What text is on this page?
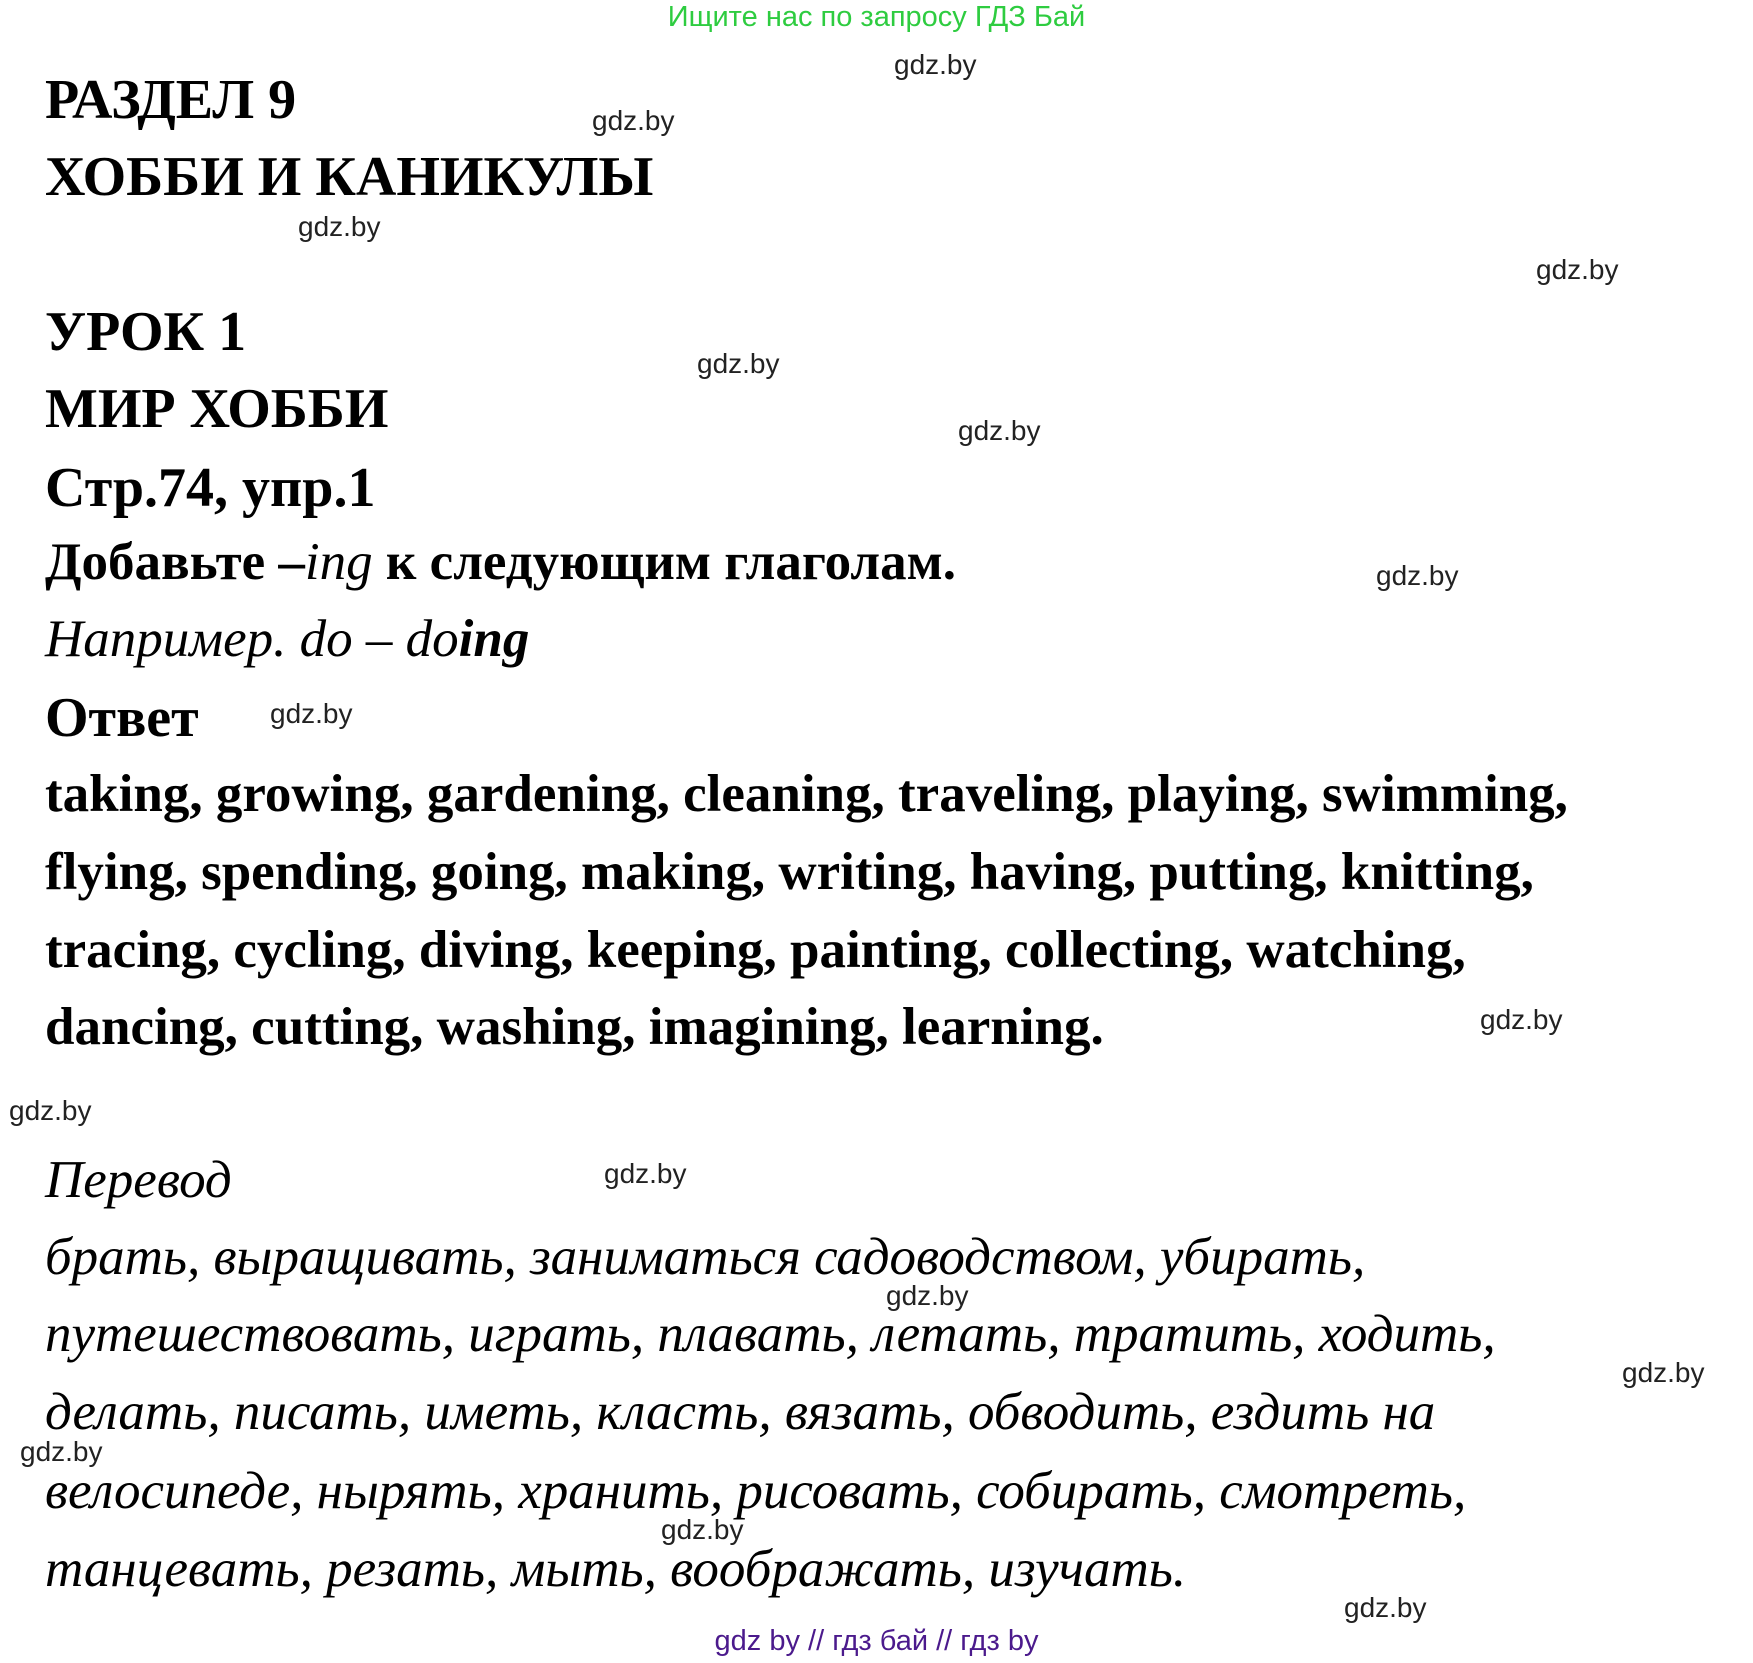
Ищите нас по запросу ГДЗ Бай
РАЗДЕЛ 9
ХОББИ И КАНИКУЛЫ
УРОК 1
МИР ХОББИ
Стр.74, упр.1
Добавьте –ing к следующим глаголам.
Например. do – doing
Ответ
taking, growing, gardening, cleaning, traveling, playing, swimming,
flying, spending, going, making, writing, having, putting, knitting,
tracing, cycling, diving, keeping, painting, collecting, watching,
dancing, cutting, washing, imagining, learning.
Перевод
брать, выращивать, заниматься садоводством, убирать,
путешествовать, играть, плавать, летать, тратить, ходить,
делать, писать, иметь, класть, вязать, обводить, ездить на
велосипеде, нырять, хранить, рисовать, собирать, смотреть,
танцевать, резать, мыть, воображать, изучать.
gdz.by
gdz.by
gdz.by
gdz.by
gdz.by
gdz.by
gdz.by
gdz.by
gdz.by
gdz.by
gdz.by
gdz.by
gdz.by
gdz.by
gdz.by
gdz.by
gdz by // гдз бай // гдз by
